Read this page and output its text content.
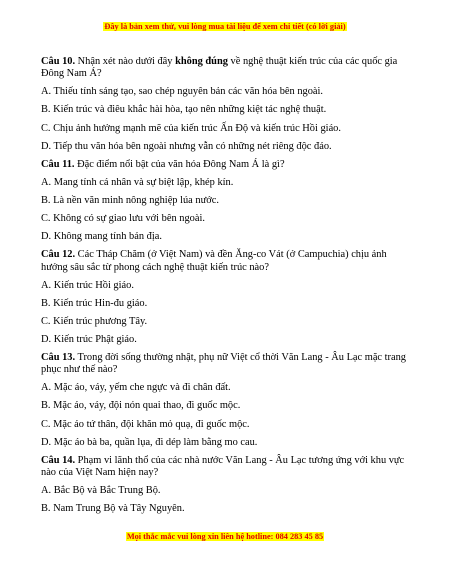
Đây là bản xem thử, vui lòng mua tài liệu để xem chi tiết (có lời giải)

Câu 10. Nhận xét nào dưới đây không đúng về nghệ thuật kiến trúc của các quốc gia Đông Nam Á?

A. Thiếu tính sáng tạo, sao chép nguyên bản các văn hóa bên ngoài.

B. Kiến trúc và điêu khắc hài hòa, tạo nên những kiệt tác nghệ thuật.

C. Chịu ảnh hưởng mạnh mẽ của kiến trúc Ấn Độ và kiến trúc Hồi giáo.

D. Tiếp thu văn hóa bên ngoài nhưng vẫn có những nét riêng độc đáo.

Câu 11. Đặc điểm nổi bật của văn hóa Đông Nam Á là gì?

A. Mang tính cá nhân và sự biệt lập, khép kín.

B. Là nền văn minh nông nghiệp lúa nước.

C. Không có sự giao lưu với bên ngoài.

D. Không mang tính bản địa.

Câu 12. Các Tháp Chăm (ở Việt Nam) và đền Ăng-co Vát (ở Campuchia) chịu ảnh hưởng sâu sắc từ phong cách nghệ thuật kiến trúc nào?

A. Kiến trúc Hồi giáo.

B. Kiến trúc Hin-đu giáo.

C. Kiến trúc phương Tây.

D. Kiến trúc Phật giáo.

Câu 13. Trong đời sống thường nhật, phụ nữ Việt cổ thời Văn Lang - Âu Lạc mặc trang phục như thế nào?

A. Mặc áo, váy, yếm che ngực và đi chân đất.

B. Mặc áo, váy, đội nón quai thao, đi guốc mộc.

C. Mặc áo tứ thân, đội khăn mỏ quạ, đi guốc mộc.

D. Mặc áo bà ba, quần lụa, đi dép làm bằng mo cau.

Câu 14. Phạm vi lãnh thổ của các nhà nước Văn Lang - Âu Lạc tương ứng với khu vực nào của Việt Nam hiện nay?

A. Bắc Bộ và Bắc Trung Bộ.

B. Nam Trung Bộ và Tây Nguyên.

Mọi thắc mắc vui lòng xin liên hệ hotline: 084 283 45 85
